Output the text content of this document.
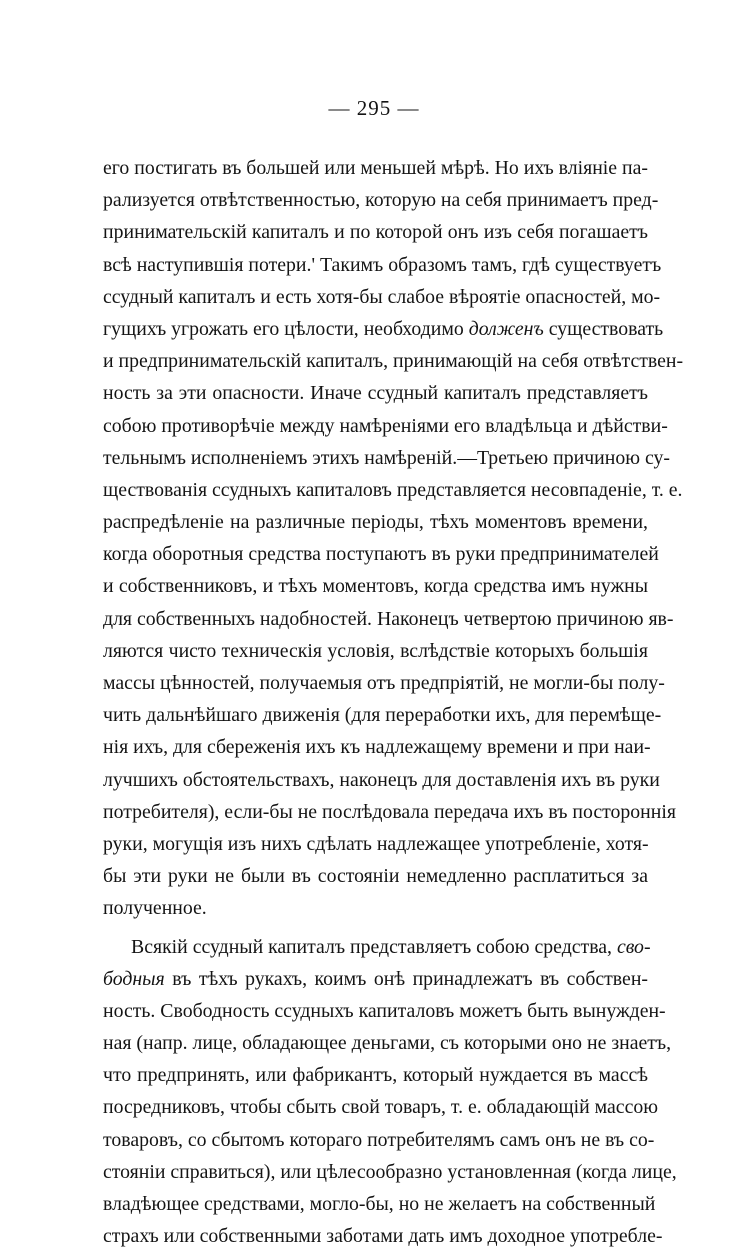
— 295 —
его постигать въ большей или меньшей мѣрѣ. Но ихъ вліяніе па-
рализуется отвѣтственностью, которую на себя принимаетъ пред-
принимательскій капиталъ и по которой онъ изъ себя погашаетъ
всѣ наступившія потери.' Такимъ образомъ тамъ, гдѣ существуетъ
ссудный капиталъ и есть хотя-бы слабое вѣроятіе опасностей, мо-
гущихъ угрожать его цѣлости, необходимо долженъ существовать
и предпринимательскій капиталъ, принимающій на себя отвѣтствен-
ность за эти опасности. Иначе ссудный капиталъ представляетъ
собою противорѣчіе между намѣреніями его владѣльца и дѣйстви-
тельнымъ исполненіемъ этихъ намѣреній.—Третьею причиною су-
ществованія ссудныхъ капиталовъ представляется несовпаденіе, т. е.
распредѣленіе на различные періоды, тѣхъ моментовъ времени,
когда оборотныя средства поступаютъ въ руки предпринимателей
и собственниковъ, и тѣхъ моментовъ, когда средства имъ нужны
для собственныхъ надобностей. Наконецъ четвертою причиною яв-
ляются чисто техническія условія, вслѣдствіе которыхъ большія
массы цѣнностей, получаемыя отъ предпріятій, не могли-бы полу-
чить дальнѣйшаго движенія (для переработки ихъ, для перемѣще-
нія ихъ, для сбереженія ихъ къ надлежащему времени и при наи-
лучшихъ обстоятельствахъ, наконецъ для доставленія ихъ въ руки
потребителя), если-бы не послѣдовала передача ихъ въ постороннія
руки, могущія изъ нихъ сдѣлать надлежащее употребленіе, хотя-
бы эти руки не были въ состояніи немедленно расплатиться за
полученное.
Всякій ссудный капиталъ представляетъ собою средства, сво-
бодныя въ тѣхъ рукахъ, коимъ онѣ принадлежатъ въ собствен-
ность. Свободность ссудныхъ капиталовъ можетъ быть вынужден-
ная (напр. лице, обладающее деньгами, съ которыми оно не знаетъ,
что предпринять, или фабрикантъ, который нуждается въ массѣ
посредниковъ, чтобы сбыть свой товаръ, т. е. обладающій массою
товаровъ, со сбытомъ котораго потребителямъ самъ онъ не въ со-
стояніи справиться), или цѣлесообразно установленная (когда лице,
владѣющее средствами, могло-бы, но не желаетъ на собственный
страхъ или собственными заботами дать имъ доходное употребле-
